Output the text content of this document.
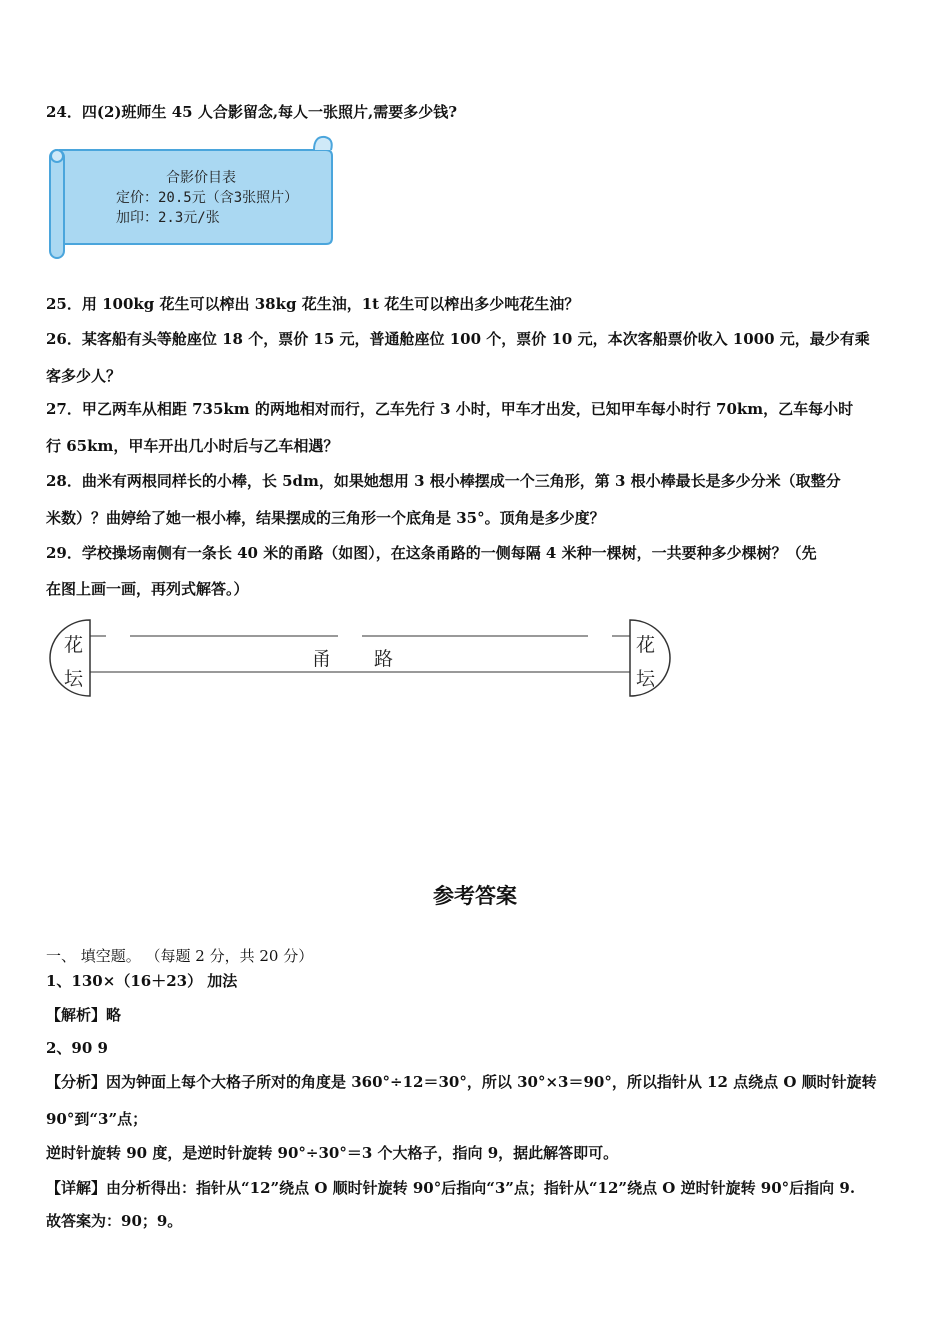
24．四(2)班师生 45 人合影留念,每人一张照片,需要多少钱?
合影价目表
定价：20.5元（含3张照片）
加印：2.3元/张
25．用 100kg 花生可以榨出 38kg 花生油，1t 花生可以榨出多少吨花生油？
26．某客船有头等舱座位 18 个，票价 15 元，普通舱座位 100 个，票价 10 元，本次客船票价收入 1000 元，最少有乘
客多少人？
27．甲乙两车从相距 735km 的两地相对而行，乙车先行 3 小时，甲车才出发，已知甲车每小时行 70km，乙车每小时
行 65km，甲车开出几小时后与乙车相遇？
28．曲米有两根同样长的小棒，长 5dm，如果她想用 3 根小棒摆成一个三角形，第 3 根小棒最长是多少分米（取整分
米数）？曲婷给了她一根小棒，结果摆成的三角形一个底角是 35°。顶角是多少度？
29．学校操场南侧有一条长 40 米的甬路（如图），在这条甬路的一侧每隔 4 米种一棵树，一共要种多少棵树？（先
在图上画一画，再列式解答。）
花
坛
甬 路
花
坛
参考答案
一、 填空题。 （每题 2 分，共 20 分）
1、130×（16＋23） 加法
【解析】略
2、90 9
【分析】因为钟面上每个大格子所对的角度是 360°÷12＝30°，所以 30°×3＝90°，所以指针从 12 点绕点 O 顺时针旋转
90°到“3”点；
逆时针旋转 90 度，是逆时针旋转 90°÷30°＝3 个大格子，指向 9，据此解答即可。
【详解】由分析得出：指针从“12”绕点 O 顺时针旋转 90°后指向“3”点；指针从“12”绕点 O 逆时针旋转 90°后指向 9.
故答案为：90；9。
